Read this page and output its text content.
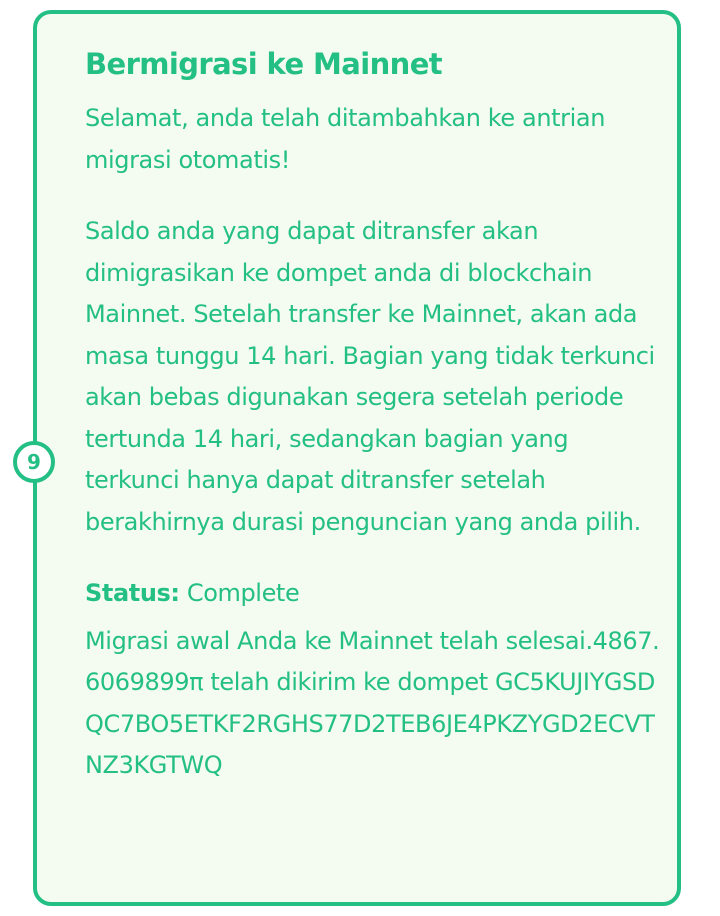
9
Bermigrasi ke Mainnet

Selamat, anda telah ditambahkan ke antrian migrasi otomatis!

Saldo anda yang dapat ditransfer akan dimigrasikan ke dompet anda di blockchain Mainnet. Setelah transfer ke Mainnet, akan ada masa tunggu 14 hari. Bagian yang tidak terkunci akan bebas digunakan segera setelah periode tertunda 14 hari, sedangkan bagian yang terkunci hanya dapat ditransfer setelah berakhirnya durasi penguncian yang anda pilih.

Status: Complete

Migrasi awal Anda ke Mainnet telah selesai.4867.6069899π telah dikirim ke dompet GC5KUJIYGSDQC7BO5ETKF2RGHS77D2TEB6JE4PKZYGD2ECVTNZ3KGTWQ
